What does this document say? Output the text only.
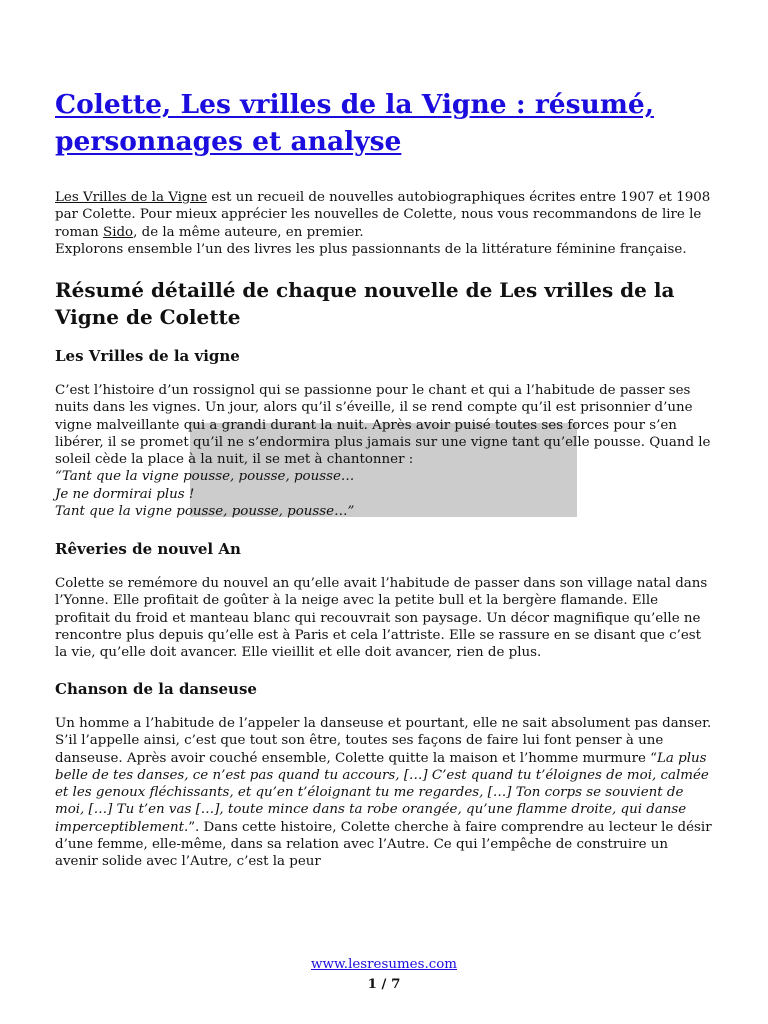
Colette, Les vrilles de la Vigne : résumé, personnages et analyse

Les Vrilles de la Vigne est un recueil de nouvelles autobiographiques écrites entre 1907 et 1908 par Colette. Pour mieux apprécier les nouvelles de Colette, nous vous recommandons de lire le roman Sido, de la même auteure, en premier.

Explorons ensemble l’un des livres les plus passionnants de la littérature féminine française.

Résumé détaillé de chaque nouvelle de Les vrilles de la Vigne de Colette
Les Vrilles de la vigne
C’est l’histoire d’un rossignol qui se passionne pour le chant et qui a l’habitude de passer ses nuits dans les vignes. Un jour, alors qu’il s’éveille, il se rend compte qu’il est prisonnier d’une vigne malveillante qui a grandi durant la nuit. Après avoir puisé toutes ses forces pour s’en libérer, il se promet qu’il ne s’endormira plus jamais sur une vigne tant qu’elle pousse. Quand le soleil cède la place à la nuit, il se met à chantonner :
“Tant que la vigne pousse, pousse, pousse…
Je ne dormirai plus !
Tant que la vigne pousse, pousse, pousse…”
Rêveries de nouvel An
Colette se remémore du nouvel an qu’elle avait l’habitude de passer dans son village natal dans l’Yonne. Elle profitait de goûter à la neige avec la petite bull et la bergère flamande. Elle profitait du froid et manteau blanc qui recouvrait son paysage. Un décor magnifique qu’elle ne rencontre plus depuis qu’elle est à Paris et cela l’attriste. Elle se rassure en se disant que c’est la vie, qu’elle doit avancer. Elle vieillit et elle doit avancer, rien de plus.
Chanson de la danseuse
Un homme a l’habitude de l’appeler la danseuse et pourtant, elle ne sait absolument pas danser. S’il l’appelle ainsi, c’est que tout son être, toutes ses façons de faire lui font penser à une danseuse. Après avoir couché ensemble, Colette quitte la maison et l’homme murmure “La plus belle de tes danses, ce n’est pas quand tu accours, […] C’est quand tu t’éloignes de moi, calmée et les genoux fléchissants, et qu’en t’éloignant tu me regardes, […] Ton corps se souvient de moi, […] Tu t’en vas […], toute mince dans ta robe orangée, qu’une flamme droite, qui danse imperceptiblement.”. Dans cette histoire, Colette cherche à faire comprendre au lecteur le désir d’une femme, elle-même, dans sa relation avec l’Autre. Ce qui l’empêche de construire un avenir solide avec l’Autre, c’est la peur
www.lesresumes.com
1 / 7
